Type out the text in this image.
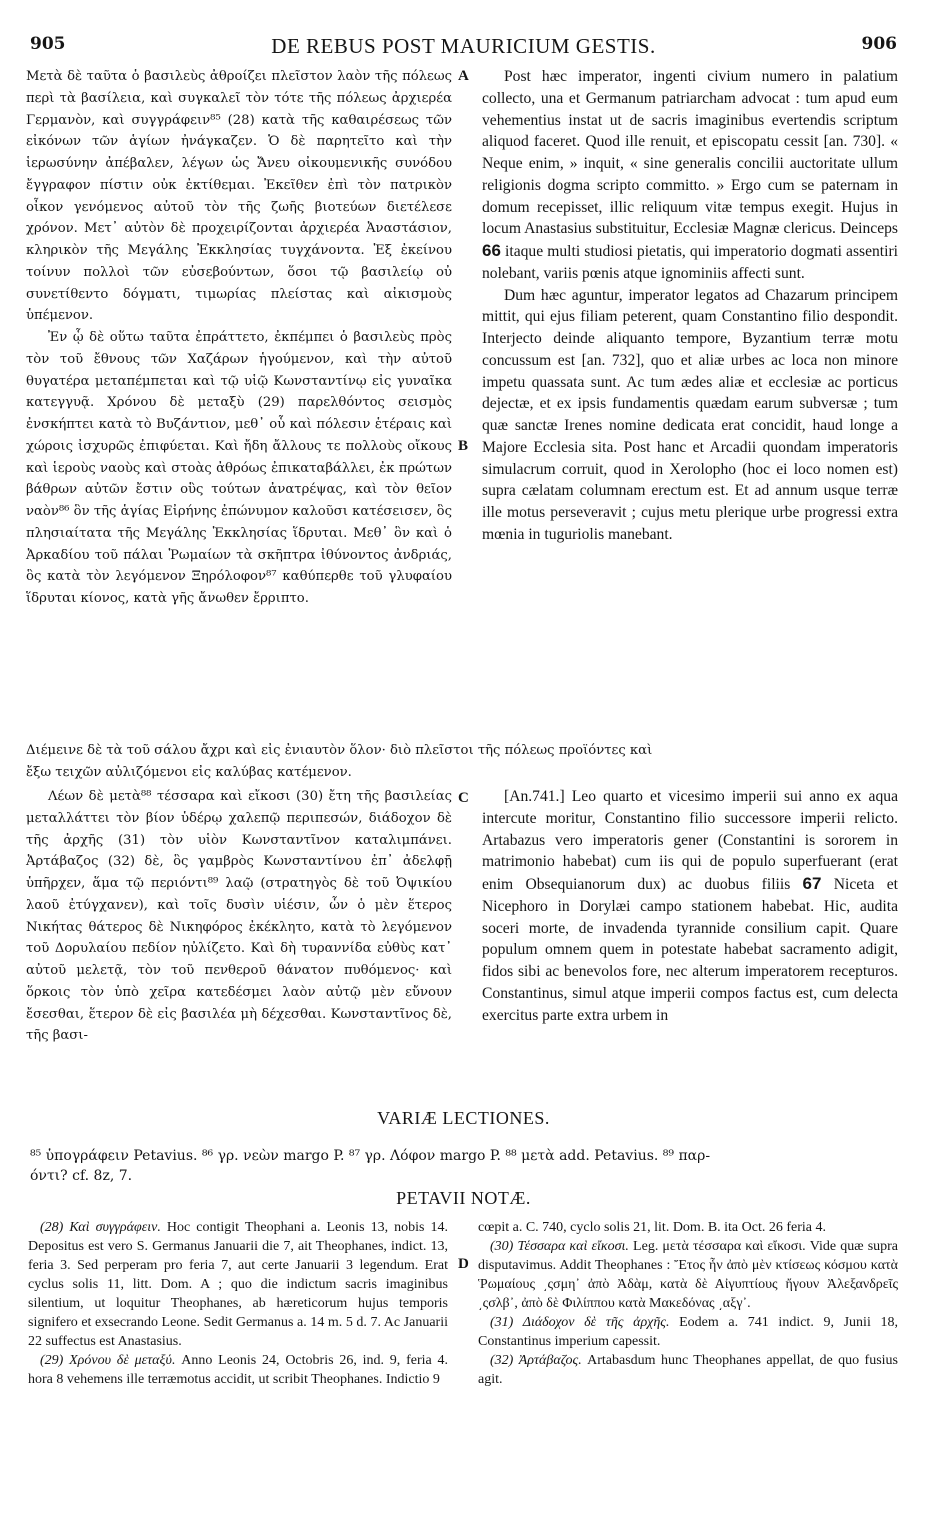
905	DE REBUS POST MAURICIUM GESTIS.	906

Μετὰ δὲ ταῦτα ὁ βασιλεὺς ἀθροίζει πλεῖστον λαὸν τῆς πόλεως περὶ τὰ βασίλεια, καὶ συγκαλεῖ τὸν τότε τῆς πόλεως ἀρχιερέα Γερμανὸν, καὶ συγγράφειν⁸⁵ (28) κατὰ τῆς καθαιρέσεως τῶν εἰκόνων τῶν ἁγίων ἠνάγκαζεν. Ὁ δὲ παρητεῖτο καὶ τὴν ἱερωσύνην ἀπέβαλεν, λέγων ὡς Ἄνευ οἰκουμενικῆς συνόδου ἔγγραφον πίστιν οὐκ ἐκτίθεμαι. Ἐκεῖθεν ἐπὶ τὸν πατρικὸν οἶκον γενόμενος αὐτοῦ τὸν τῆς ζωῆς βιοτεύων διετέλεσε χρόνον. Μετ᾽ αὐτὸν δὲ προχειρίζονται ἀρχιερέα Ἀναστάσιον, κληρικὸν τῆς Μεγάλης Ἐκκλησίας τυγχάνοντα. Ἐξ ἐκείνου τοίνυν πολλοὶ τῶν εὐσεβούντων, ὅσοι τῷ βασιλείῳ οὐ συνετίθεντο δόγματι, τιμωρίας πλείστας καὶ αἰκισμοὺς ὑπέμενον.

Ἐν ᾧ δὲ οὕτω ταῦτα ἐπράττετο, ἐκπέμπει ὁ βασιλεὺς πρὸς τὸν τοῦ ἔθνους τῶν Χαζάρων ἡγούμενον, καὶ τὴν αὐτοῦ θυγατέρα μεταπέμπεται καὶ τῷ υἱῷ Κωνσταντίνῳ εἰς γυναῖκα κατεγγυᾷ. Χρόνου δὲ μεταξὺ (29) παρελθόντος σεισμὸς ἐνσκήπτει κατὰ τὸ Βυζάντιον, μεθ᾽ οὗ καὶ πόλεσιν ἑτέραις καὶ χώροις ἰσχυρῶς ἐπιφύεται. Καὶ ἤδη ἄλλους τε πολλοὺς οἴκους καὶ ἱεροὺς ναοὺς καὶ στοὰς ἀθρόως ἐπικαταβάλλει, ἐκ πρώτων βάθρων αὐτῶν ἔστιν οὓς τούτων ἀνατρέψας, καὶ τὸν θεῖον ναὸν⁸⁶ ὃν τῆς ἁγίας Εἰρήνης ἐπώνυμον καλοῦσι κατέσεισεν, ὃς πλησιαίτατα τῆς Μεγάλης Ἐκκλησίας ἵδρυται. Μεθ᾽ ὃν καὶ ὁ Ἀρκαδίου τοῦ πάλαι Ῥωμαίων τὰ σκῆπτρα ἰθύνοντος ἀνδριάς, ὃς κατὰ τὸν λεγόμενον Ξηρόλοφον⁸⁷ καθύπερθε τοῦ γλυφαίου ἵδρυται κίονος, κατὰ γῆς ἄνωθεν ἔρριπτο.

Post hæc imperator, ingenti civium numero in palatium collecto, una et Germanum patriarcham advocat : tum apud eum vehementius instat ut de sacris imaginibus evertendis scriptum aliquod faceret. Quod ille renuit, et episcopatu cessit [an. 730]. « Neque enim, » inquit, « sine generalis concilii auctoritate ullum religionis dogma scripto committo. » Ergo cum se paternam in domum recepisset, illic reliquum vitæ tempus exegit. Hujus in locum Anastasius substituitur, Ecclesiæ Magnæ clericus. Deinceps 66 itaque multi studiosi pietatis, qui imperatorio dogmati assentiri nolebant, variis pœnis atque ignominiis affecti sunt.

Dum hæc aguntur, imperator legatos ad Chazarum principem mittit, qui ejus filiam peterent, quam Constantino filio despondit. Interjecto deinde aliquanto tempore, Byzantium terræ motu concussum est [an. 732], quo et aliæ urbes ac loca non minore impetu quassata sunt. Ac tum ædes aliæ et ecclesiæ ac porticus dejectæ, et ex ipsis fundamentis quædam earum subversæ ; tum quæ sanctæ Irenes nomine dedicata erat concidit, haud longe a Majore Ecclesia sita. Post hanc et Arcadii quondam imperatoris simulacrum corruit, quod in Xerolopho (hoc ei loco nomen est) supra cælatam columnam erectum est. Et ad annum usque terræ ille motus perseveravit ; cujus metu plerique urbe progressi extra mœnia in tuguriolis manebant.

A
B
C
D
Διέμεινε δὲ τὰ τοῦ σάλου ἄχρι καὶ εἰς ἐνιαυτὸν ὅλον· διὸ πλεῖστοι τῆς πόλεως προϊόντες καὶ
ἔξω τειχῶν αὐλιζόμενοι εἰς καλύβας κατέμενον.

Λέων δὲ μετὰ⁸⁸ τέσσαρα καὶ εἴκοσι (30) ἔτη τῆς βασιλείας μεταλλάττει τὸν βίον ὑδέρῳ χαλεπῷ περιπεσών, διάδοχον δὲ τῆς ἀρχῆς (31) τὸν υἱὸν Κωνσταντῖνον καταλιμπάνει. Ἀρτάβαζος (32) δὲ, ὃς γαμβρὸς Κωνσταντίνου ἐπ᾽ ἀδελφῇ ὑπῆρχεν, ἅμα τῷ περιόντι⁸⁹ λαῷ (στρατηγὸς δὲ τοῦ Ὀψικίου λαοῦ ἐτύγχανεν), καὶ τοῖς δυσὶν υἱέσιν, ὧν ὁ μὲν ἕτερος Νικήτας θάτερος δὲ Νικηφόρος ἐκέκλητο, κατὰ τὸ λεγόμενον τοῦ Δορυλαίου πεδίον ηὐλίζετο. Καὶ δὴ τυραννίδα εὐθὺς κατ᾽ αὐτοῦ μελετᾷ, τὸν τοῦ πενθεροῦ θάνατον πυθόμενος· καὶ ὅρκοις τὸν ὑπὸ χεῖρα κατεδέσμει λαὸν αὐτῷ μὲν εὔνουν ἔσεσθαι, ἕτερον δὲ εἰς βασιλέα μὴ δέχεσθαι. Κωνσταντῖνος δὲ, τῆς βασι-

[An.741.] Leo quarto et vicesimo imperii sui anno ex aqua intercute moritur, Constantino filio successore imperii relicto. Artabazus vero imperatoris gener (Constantini is sororem in matrimonio habebat) cum iis qui de populo superfuerant (erat enim Obsequianorum dux) ac duobus filiis 67 Niceta et Nicephoro in Dorylæi campo stationem habebat. Hic, audita soceri morte, de invadenda tyrannide consilium capit. Quare populum omnem quem in potestate habebat sacramento adigit, fidos sibi ac benevolos fore, nec alterum imperatorem recepturos. Constantinus, simul atque imperii compos factus est, cum delecta exercitus parte extra urbem in

VARIÆ LECTIONES.
⁸⁵ ὑπογράφειν Petavius. ⁸⁶ γρ. νεὼν margo P. ⁸⁷ γρ. Λόφον margo P. ⁸⁸ μετὰ add. Petavius. ⁸⁹ παρ-
όντι? cf. 8z, 7.
PETAVII NOTÆ.

(28) Καὶ συγγράφειν. Hoc contigit Theophani a. Leonis 13, nobis 14. Depositus est vero S. Germanus Januarii die 7, ait Theophanes, indict. 13, feria 3. Sed perperam pro feria 7, aut certe Januarii 3 legendum. Erat cyclus solis 11, litt. Dom. A ; quo die indictum sacris imaginibus silentium, ut loquitur Theophanes, ab hæreticorum hujus temporis signifero et exsecrando Leone. Sedit Germanus a. 14 m. 5 d. 7. Ac Januarii 22 suffectus est Anastasius.

(29) Χρόνου δὲ μεταξύ. Anno Leonis 24, Octobris 26, ind. 9, feria 4. hora 8 vehemens ille terræmotus accidit, ut scribit Theophanes. Indictio 9

cœpit a. C. 740, cyclo solis 21, lit. Dom. B. ita Oct. 26 feria 4.

(30) Τέσσαρα καὶ εἴκοσι. Leg. μετὰ τέσσαρα καὶ εἴκοσι. Vide quæ supra disputavimus. Addit Theophanes : Ἔτος ἦν ἀπὸ μὲν κτίσεως κόσμου κατὰ Ῥωμαίους ͵ςσμη᾽ ἀπὸ Ἀδὰμ, κατὰ δὲ Αἰγυπτίους ἤγουν Ἀλεξανδρεῖς ͵ςσλβ᾽, ἀπὸ δὲ Φιλίππου κατὰ Μακεδόνας ͵αξγ᾽.

(31) Διάδοχον δὲ τῆς ἀρχῆς. Eodem a. 741 indict. 9, Junii 18, Constantinus imperium capessit.

(32) Ἀρτάβαζος. Artabasdum hunc Theophanes appellat, de quo fusius agit.
